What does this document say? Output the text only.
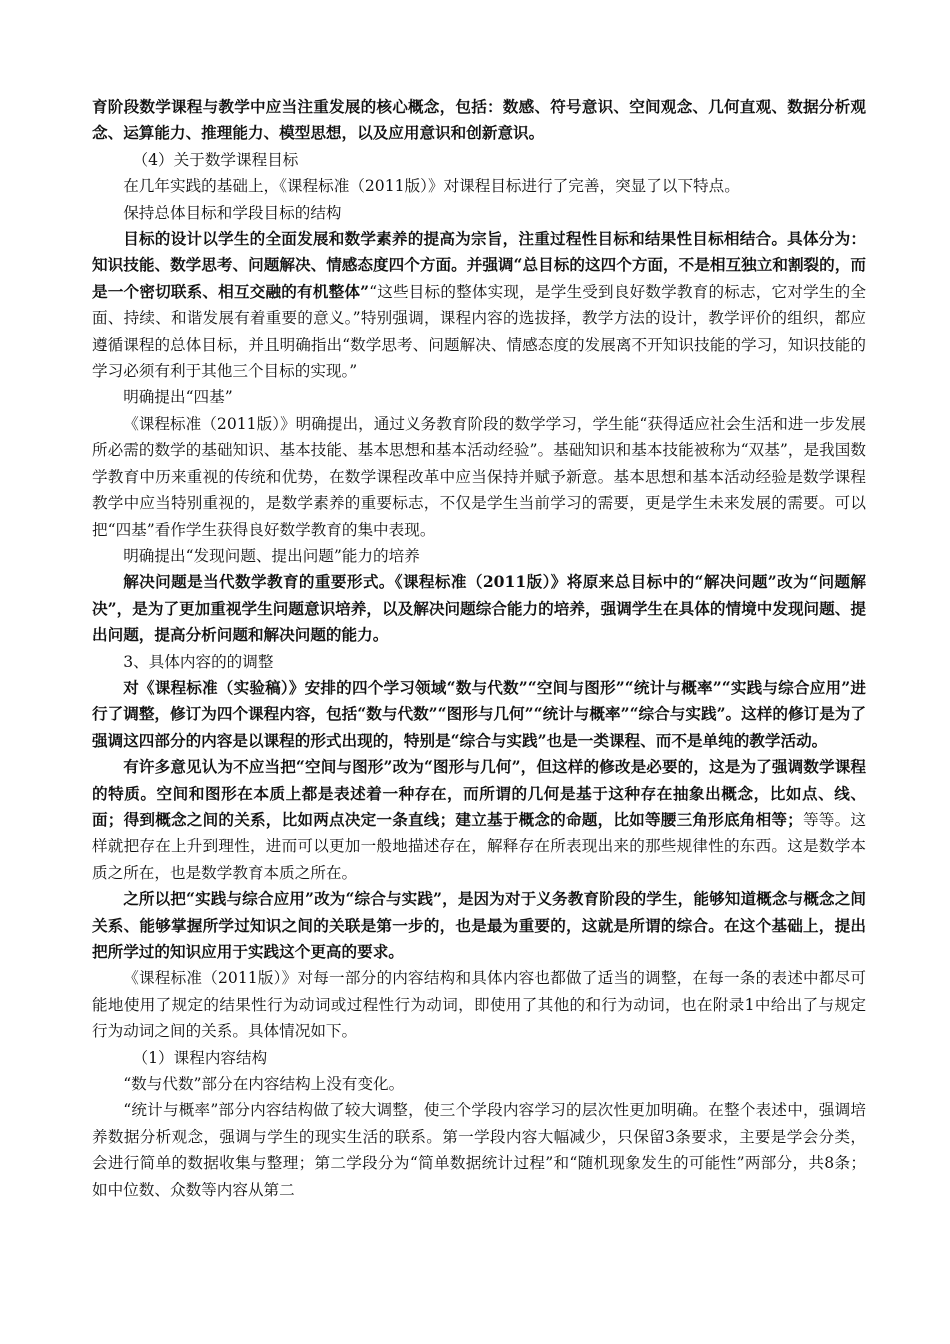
育阶段数学课程与教学中应当注重发展的核心概念，包括：数感、符号意识、空间观念、几何直观、数据分析观念、运算能力、推理能力、模型思想，以及应用意识和创新意识。

（4）关于数学课程目标

在几年实践的基础上，《课程标准（2011版）》对课程目标进行了完善，突显了以下特点。

保持总体目标和学段目标的结构

目标的设计以学生的全面发展和数学素养的提高为宗旨，注重过程性目标和结果性目标相结合。具体分为：知识技能、数学思考、问题解决、情感态度四个方面。并强调“总目标的这四个方面，不是相互独立和割裂的，而是一个密切联系、相互交融的有机整体”“这些目标的整体实现，是学生受到良好数学教育的标志，它对学生的全面、持续、和谐发展有着重要的意义。”特别强调，课程内容的选拔择，教学方法的设计，教学评价的组织，都应遵循课程的总体目标，并且明确指出“数学思考、问题解决、情感态度的发展离不开知识技能的学习，知识技能的学习必须有利于其他三个目标的实现。”

明确提出“四基”

《课程标准（2011版）》明确提出，通过义务教育阶段的数学学习，学生能“获得适应社会生活和进一步发展所必需的数学的基础知识、基本技能、基本思想和基本活动经验”。基础知识和基本技能被称为“双基”，是我国数学教育中历来重视的传统和优势，在数学课程改革中应当保持并赋予新意。基本思想和基本活动经验是数学课程教学中应当特别重视的，是数学素养的重要标志，不仅是学生当前学习的需要，更是学生未来发展的需要。可以把“四基”看作学生获得良好数学教育的集中表现。

明确提出“发现问题、提出问题”能力的培养

解决问题是当代数学教育的重要形式。《课程标准（2011版）》将原来总目标中的“解决问题”改为“问题解决”，是为了更加重视学生问题意识培养，以及解决问题综合能力的培养，强调学生在具体的情境中发现问题、提出问题，提高分析问题和解决问题的能力。

3、具体内容的的调整

对《课程标准（实验稿）》安排的四个学习领域“数与代数”“空间与图形”“统计与概率”“实践与综合应用”进行了调整，修订为四个课程内容，包括“数与代数”“图形与几何”“统计与概率”“综合与实践”。这样的修订是为了强调这四部分的内容是以课程的形式出现的，特别是“综合与实践”也是一类课程、而不是单纯的教学活动。

有许多意见认为不应当把“空间与图形”改为“图形与几何”，但这样的修改是必要的，这是为了强调数学课程的特质。空间和图形在本质上都是表述着一种存在，而所谓的几何是基于这种存在抽象出概念，比如点、线、面；得到概念之间的关系，比如两点决定一条直线；建立基于概念的命题，比如等腰三角形底角相等；等等。这样就把存在上升到理性，进而可以更加一般地描述存在，解释存在所表现出来的那些规律性的东西。这是数学本质之所在，也是数学教育本质之所在。

之所以把“实践与综合应用”改为“综合与实践”，是因为对于义务教育阶段的学生，能够知道概念与概念之间关系、能够掌握所学过知识之间的关联是第一步的，也是最为重要的，这就是所谓的综合。在这个基础上，提出把所学过的知识应用于实践这个更高的要求。

《课程标准（2011版）》对每一部分的内容结构和具体内容也都做了适当的调整，在每一条的表述中都尽可能地使用了规定的结果性行为动词或过程性行为动词，即使用了其他的和行为动词，也在附录1中给出了与规定行为动词之间的关系。具体情况如下。

（1）课程内容结构

“数与代数”部分在内容结构上没有变化。

“统计与概率”部分内容结构做了较大调整，使三个学段内容学习的层次性更加明确。在整个表述中，强调培养数据分析观念，强调与学生的现实生活的联系。第一学段内容大幅减少，只保留3条要求，主要是学会分类，会进行简单的数据收集与整理；第二学段分为“简单数据统计过程”和“随机现象发生的可能性”两部分，共8条；如中位数、众数等内容从第二
